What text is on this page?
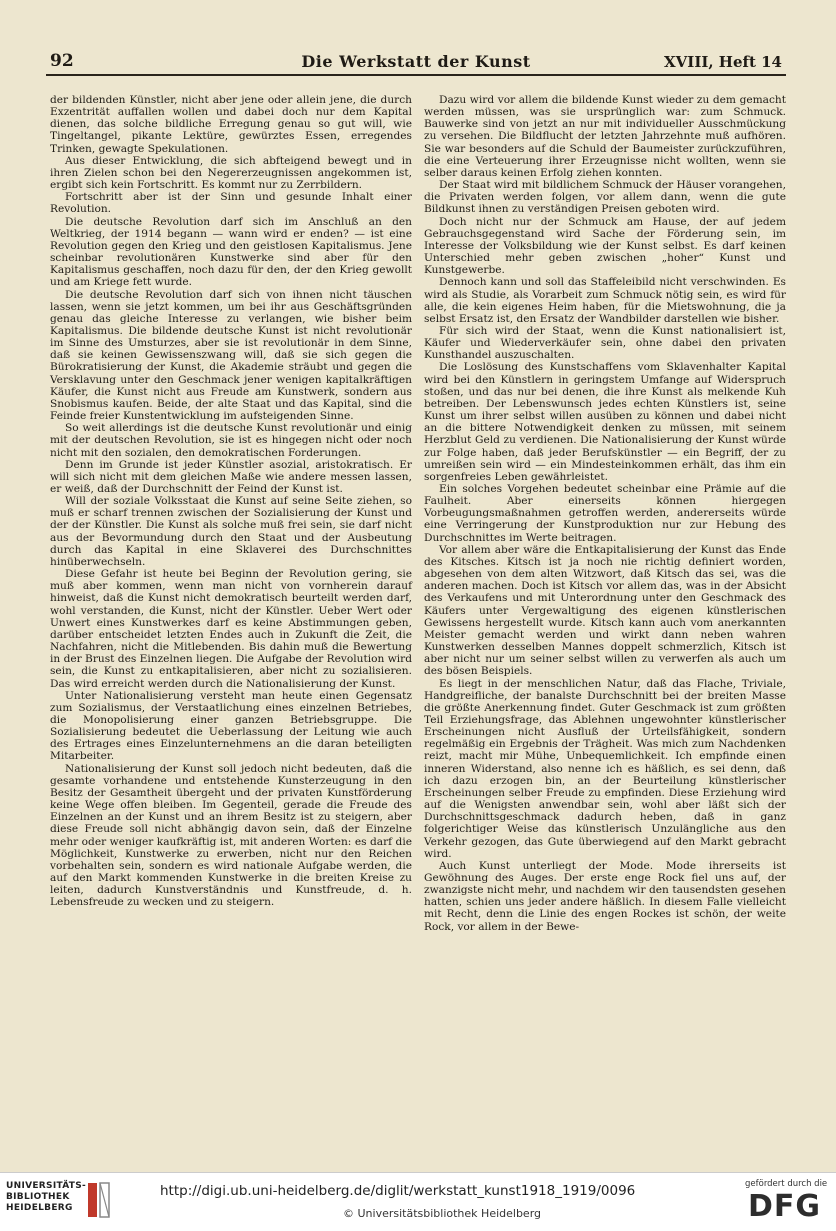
92	Die Werkstatt der Kunst	XVIII, Heft 14

der bildenden Künstler, nicht aber jene oder allein jene, die durch Exzentrität auffallen wollen und dabei doch nur dem Kapital dienen, das solche bildliche Erregung genau so gut will, wie Tingeltangel, pikante Lektüre, gewürztes Essen, erregendes Trinken, gewagte Spekulationen.

Aus dieser Entwicklung, die sich abfteigend bewegt und in ihren Zielen schon bei den Negererzeugnissen angekommen ist, ergibt sich kein Fortschritt. Es kommt nur zu Zerrbildern.

Fortschritt aber ist der Sinn und gesunde Inhalt einer Revolution.

Die deutsche Revolution darf sich im Anschluß an den Weltkrieg, der 1914 begann — wann wird er enden? — ist eine Revolution gegen den Krieg und den geistlosen Kapitalismus. Jene scheinbar revolutionären Kunstwerke sind aber für den Kapitalismus geschaffen, noch dazu für den, der den Krieg gewollt und am Kriege fett wurde.

Die deutsche Revolution darf sich von ihnen nicht täuschen lassen, wenn sie jetzt kommen, um bei ihr aus Geschäftsgründen genau das gleiche Interesse zu verlangen, wie bisher beim Kapitalismus. Die bildende deutsche Kunst ist nicht revolutionär im Sinne des Umsturzes, aber sie ist revolutionär in dem Sinne, daß sie keinen Gewissenszwang will, daß sie sich gegen die Bürokratisierung der Kunst, die Akademie sträubt und gegen die Versklavung unter den Geschmack jener wenigen kapitalkräftigen Käufer, die Kunst nicht aus Freude am Kunstwerk, sondern aus Snobismus kaufen. Beide, der alte Staat und das Kapital, sind die Feinde freier Kunstentwicklung im aufsteigenden Sinne.

So weit allerdings ist die deutsche Kunst revolutionär und einig mit der deutschen Revolution, sie ist es hingegen nicht oder noch nicht mit den sozialen, den demokratischen Forderungen.

Denn im Grunde ist jeder Künstler asozial, aristokratisch. Er will sich nicht mit dem gleichen Maße wie andere messen lassen, er weiß, daß der Durchschnitt der Feind der Kunst ist.

Will der soziale Volksstaat die Kunst auf seine Seite ziehen, so muß er scharf trennen zwischen der Sozialisierung der Kunst und der der Künstler. Die Kunst als solche muß frei sein, sie darf nicht aus der Bevormundung durch den Staat und der Ausbeutung durch das Kapital in eine Sklaverei des Durchschnittes hinüberwechseln.

Diese Gefahr ist heute bei Beginn der Revolution gering, sie muß aber kommen, wenn man nicht von vornherein darauf hinweist, daß die Kunst nicht demokratisch beurteilt werden darf, wohl verstanden, die Kunst, nicht der Künstler. Ueber Wert oder Unwert eines Kunstwerkes darf es keine Abstimmungen geben, darüber entscheidet letzten Endes auch in Zukunft die Zeit, die Nachfahren, nicht die Mitlebenden. Bis dahin muß die Bewertung in der Brust des Einzelnen liegen. Die Aufgabe der Revolution wird sein, die Kunst zu entkapitalisieren, aber nicht zu sozialisieren. Das wird erreicht werden durch die Nationalisierung der Kunst.

Unter Nationalisierung versteht man heute einen Gegensatz zum Sozialismus, der Verstaatlichung eines einzelnen Betriebes, die Monopolisierung einer ganzen Betriebsgruppe. Die Sozialisierung bedeutet die Ueberlassung der Leitung wie auch des Ertrages eines Einzelunternehmens an die daran beteiligten Mitarbeiter.

Nationalisierung der Kunst soll jedoch nicht bedeuten, daß die gesamte vorhandene und entstehende Kunsterzeugung in den Besitz der Gesamtheit übergeht und der privaten Kunstförderung keine Wege offen bleiben. Im Gegenteil, gerade die Freude des Einzelnen an der Kunst und an ihrem Besitz ist zu steigern, aber diese Freude soll nicht abhängig davon sein, daß der Einzelne mehr oder weniger kaufkräftig ist, mit anderen Worten: es darf die Möglichkeit, Kunstwerke zu erwerben, nicht nur den Reichen vorbehalten sein, sondern es wird nationale Aufgabe werden, die auf den Markt kommenden Kunstwerke in die breiten Kreise zu leiten, dadurch Kunstverständnis und Kunstfreude, d. h. Lebensfreude zu wecken und zu steigern.

Dazu wird vor allem die bildende Kunst wieder zu dem gemacht werden müssen, was sie ursprünglich war: zum Schmuck. Bauwerke sind von jetzt an nur mit individueller Ausschmückung zu versehen. Die Bildflucht der letzten Jahrzehnte muß aufhören. Sie war besonders auf die Schuld der Baumeister zurückzuführen, die eine Verteuerung ihrer Erzeugnisse nicht wollten, wenn sie selber daraus keinen Erfolg ziehen konnten.

Der Staat wird mit bildlichem Schmuck der Häuser vorangehen, die Privaten werden folgen, vor allem dann, wenn die gute Bildkunst ihnen zu verständigen Preisen geboten wird.

Doch nicht nur der Schmuck am Hause, der auf jedem Gebrauchsgegenstand wird Sache der Förderung sein, im Interesse der Volksbildung wie der Kunst selbst. Es darf keinen Unterschied mehr geben zwischen „hoher“ Kunst und Kunstgewerbe.

Dennoch kann und soll das Staffeleibild nicht verschwinden. Es wird als Studie, als Vorarbeit zum Schmuck nötig sein, es wird für alle, die kein eigenes Heim haben, für die Mietswohnung, die ja selbst Ersatz ist, den Ersatz der Wandbilder darstellen wie bisher.

Für sich wird der Staat, wenn die Kunst nationalisiert ist, Käufer und Wiederverkäufer sein, ohne dabei den privaten Kunsthandel auszuschalten.

Die Loslösung des Kunstschaffens vom Sklavenhalter Kapital wird bei den Künstlern in geringstem Umfange auf Widerspruch stoßen, und das nur bei denen, die ihre Kunst als melkende Kuh betreiben. Der Lebenswunsch jedes echten Künstlers ist, seine Kunst um ihrer selbst willen ausüben zu können und dabei nicht an die bittere Notwendigkeit denken zu müssen, mit seinem Herzblut Geld zu verdienen. Die Nationalisierung der Kunst würde zur Folge haben, daß jeder Berufskünstler — ein Begriff, der zu umreißen sein wird — ein Mindesteinkommen erhält, das ihm ein sorgenfreies Leben gewährleistet.

Ein solches Vorgehen bedeutet scheinbar eine Prämie auf die Faulheit. Aber einerseits können hiergegen Vorbeugungsmaßnahmen getroffen werden, andererseits würde eine Verringerung der Kunstproduktion nur zur Hebung des Durchschnittes im Werte beitragen.

Vor allem aber wäre die Entkapitalisierung der Kunst das Ende des Kitsches. Kitsch ist ja noch nie richtig definiert worden, abgesehen von dem alten Witzwort, daß Kitsch das sei, was die anderen machen. Doch ist Kitsch vor allem das, was in der Absicht des Verkaufens und mit Unterordnung unter den Geschmack des Käufers unter Vergewaltigung des eigenen künstlerischen Gewissens hergestellt wurde. Kitsch kann auch vom anerkannten Meister gemacht werden und wirkt dann neben wahren Kunstwerken desselben Mannes doppelt schmerzlich, Kitsch ist aber nicht nur um seiner selbst willen zu verwerfen als auch um des bösen Beispiels.

Es liegt in der menschlichen Natur, daß das Flache, Triviale, Handgreifliche, der banalste Durchschnitt bei der breiten Masse die größte Anerkennung findet. Guter Geschmack ist zum größten Teil Erziehungsfrage, das Ablehnen ungewohnter künstlerischer Erscheinungen nicht Ausfluß der Urteilsfähigkeit, sondern regelmäßig ein Ergebnis der Trägheit. Was mich zum Nachdenken reizt, macht mir Mühe, Unbequemlichkeit. Ich empfinde einen inneren Widerstand, also nenne ich es häßlich, es sei denn, daß ich dazu erzogen bin, an der Beurteilung künstlerischer Erscheinungen selber Freude zu empfinden. Diese Erziehung wird auf die Wenigsten anwendbar sein, wohl aber läßt sich der Durchschnittsgeschmack dadurch heben, daß in ganz folgerichtiger Weise das künstlerisch Unzulängliche aus den Verkehr gezogen, das Gute überwiegend auf den Markt gebracht wird.

Auch Kunst unterliegt der Mode. Mode ihrerseits ist Gewöhnung des Auges. Der erste enge Rock fiel uns auf, der zwanzigste nicht mehr, und nachdem wir den tausendsten gesehen hatten, schien uns jeder andere häßlich. In diesem Falle vielleicht mit Recht, denn die Linie des engen Rockes ist schön, der weite Rock, vor allem in der Bewe-

UNIVERSITÄTS-
BIBLIOTHEK
HEIDELBERG
http://digi.ub.uni-heidelberg.de/diglit/werkstatt_kunst1918_1919/0096
© Universitätsbibliothek Heidelberg
gefördert durch die
DFG
